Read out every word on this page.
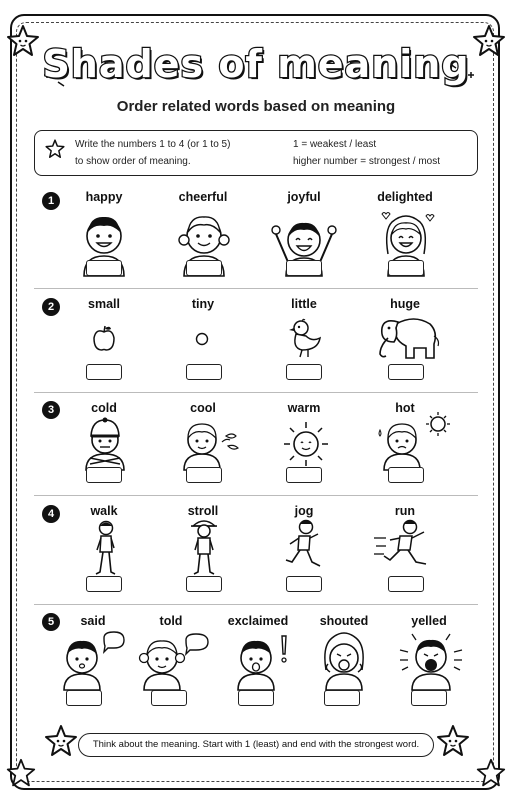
Shades of meaning
Order related words based on meaning
Write the numbers 1 to 4 (or 1 to 5)
to show order of meaning.
1 = weakest / least
higher number = strongest / most
1	happy	cheerful	joyful	delighted
2	small	tiny	little	huge
3	cold	cool	warm	hot
4	walk	stroll	jog	run
5	said	told	exclaimed	shouted	yelled
Think about the meaning. Start with 1 (least) and end with the strongest word.
